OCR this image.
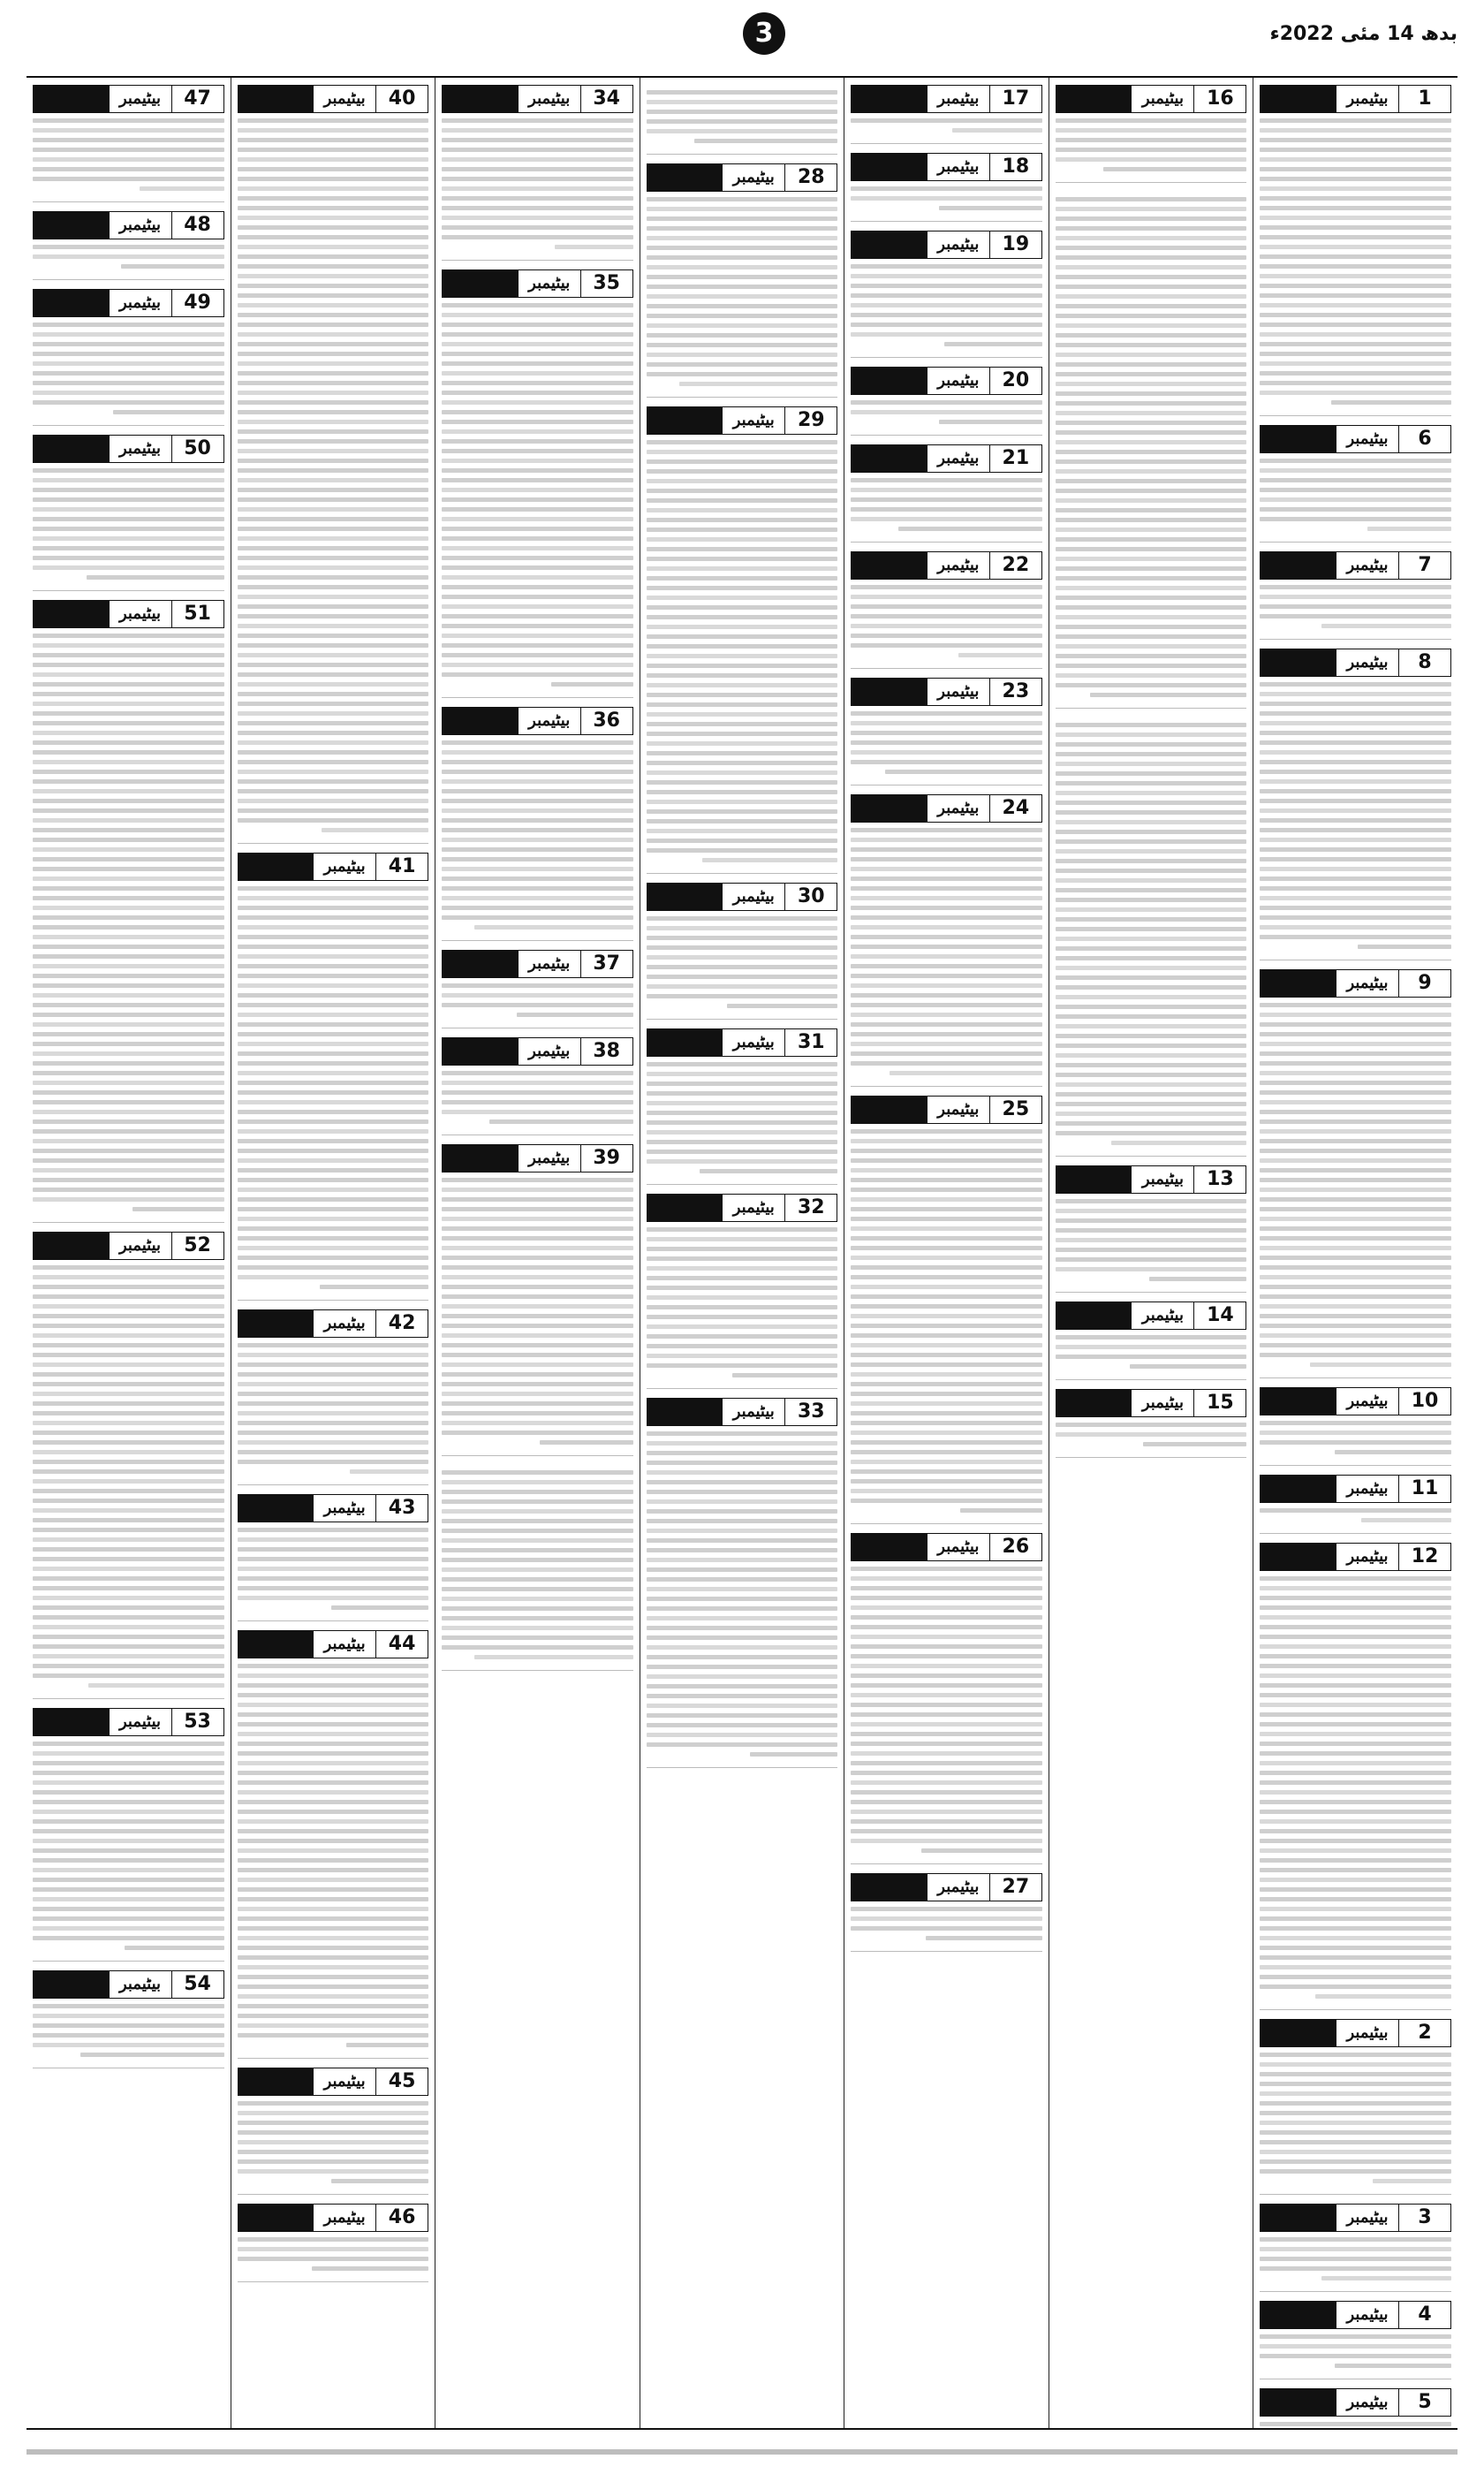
3	بدھ 14 مئی 2022ء
1
بیٹیمبر
6
بیٹیمبر
7
بیٹیمبر
8
بیٹیمبر
9
بیٹیمبر
10
بیٹیمبر
11
بیٹیمبر
12
بیٹیمبر
2
بیٹیمبر
3
بیٹیمبر
4
بیٹیمبر
5
بیٹیمبر
16
بیٹیمبر
13
بیٹیمبر
14
بیٹیمبر
15
بیٹیمبر
17
بیٹیمبر
18
بیٹیمبر
19
بیٹیمبر
20
بیٹیمبر
21
بیٹیمبر
22
بیٹیمبر
23
بیٹیمبر
24
بیٹیمبر
25
بیٹیمبر
26
بیٹیمبر
27
بیٹیمبر
28
بیٹیمبر
29
بیٹیمبر
30
بیٹیمبر
31
بیٹیمبر
32
بیٹیمبر
33
بیٹیمبر
34
بیٹیمبر
35
بیٹیمبر
36
بیٹیمبر
37
بیٹیمبر
38
بیٹیمبر
39
بیٹیمبر
40
بیٹیمبر
41
بیٹیمبر
42
بیٹیمبر
43
بیٹیمبر
44
بیٹیمبر
45
بیٹیمبر
46
بیٹیمبر
47
بیٹیمبر
48
بیٹیمبر
49
بیٹیمبر
50
بیٹیمبر
51
بیٹیمبر
52
بیٹیمبر
53
بیٹیمبر
54
بیٹیمبر
